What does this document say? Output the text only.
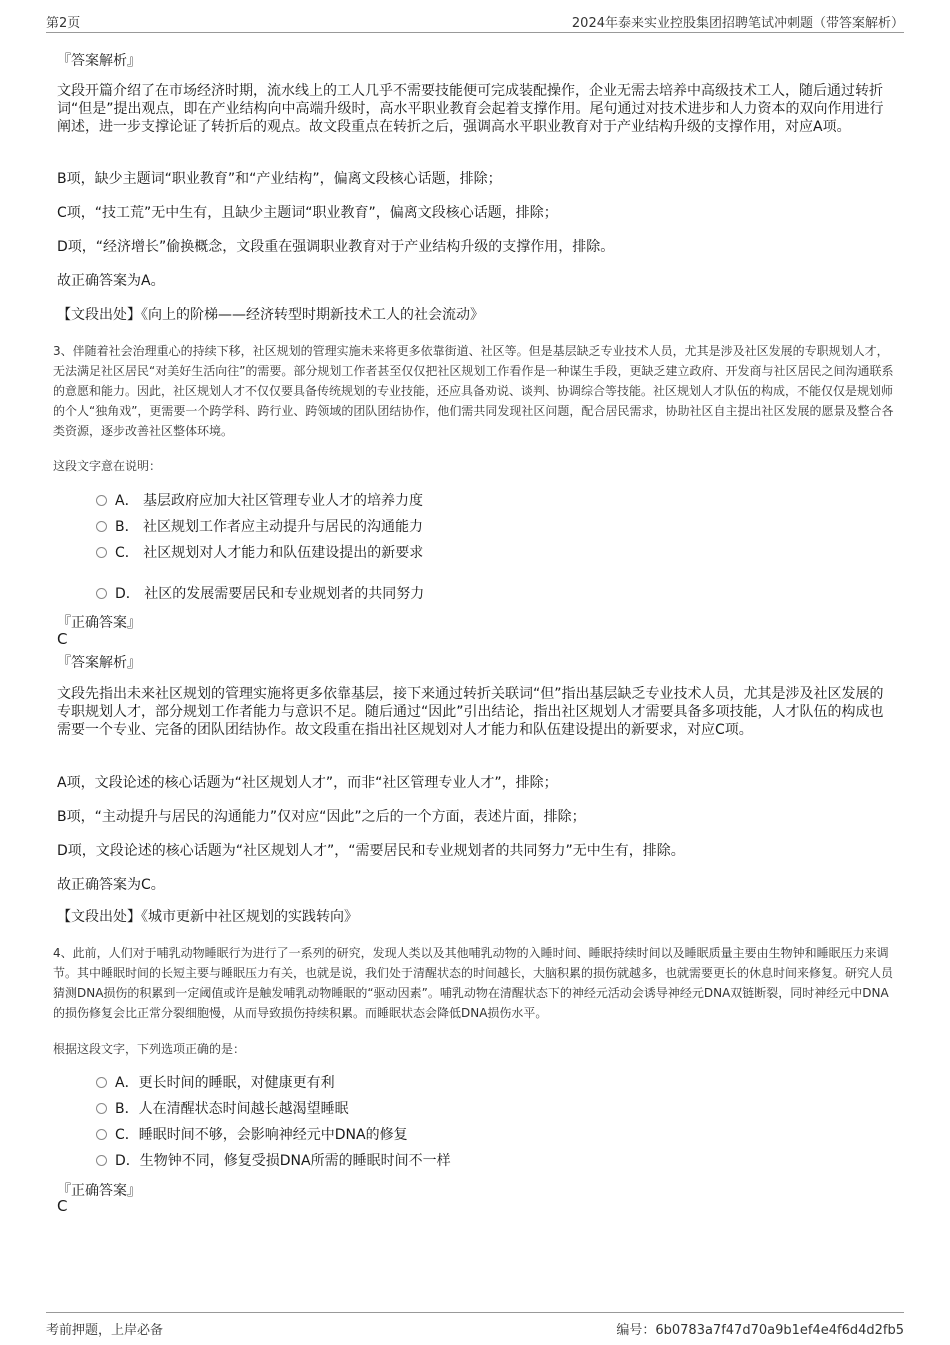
第2页	2024年泰来实业控股集团招聘笔试冲刺题（带答案解析）
『答案解析』
文段开篇介绍了在市场经济时期，流水线上的工人几乎不需要技能便可完成装配操作，企业无需去培养中高级技术工人，随后通过转折词“但是”提出观点，即在产业结构向中高端升级时，高水平职业教育会起着支撑作用。尾句通过对技术进步和人力资本的双向作用进行阐述，进一步支撑论证了转折后的观点。故文段重点在转折之后，强调高水平职业教育对于产业结构升级的支撑作用，对应A项。
B项，缺少主题词“职业教育”和“产业结构”，偏离文段核心话题，排除；
C项，“技工荒”无中生有，且缺少主题词“职业教育”，偏离文段核心话题，排除；
D项，“经济增长”偷换概念，文段重在强调职业教育对于产业结构升级的支撑作用，排除。
故正确答案为A。
【文段出处】《向上的阶梯——经济转型时期新技术工人的社会流动》
3、伴随着社会治理重心的持续下移，社区规划的管理实施未来将更多依靠街道、社区等。但是基层缺乏专业技术人员，尤其是涉及社区发展的专职规划人才，无法满足社区居民“对美好生活向往”的需要。部分规划工作者甚至仅仅把社区规划工作看作是一种谋生手段，更缺乏建立政府、开发商与社区居民之间沟通联系的意愿和能力。因此，社区规划人才不仅仅要具备传统规划的专业技能，还应具备劝说、谈判、协调综合等技能。社区规划人才队伍的构成，不能仅仅是规划师的个人“独角戏”，更需要一个跨学科、跨行业、跨领域的团队团结协作，他们需共同发现社区问题，配合居民需求，协助社区自主提出社区发展的愿景及整合各类资源，逐步改善社区整体环境。
这段文字意在说明：
A． 基层政府应加大社区管理专业人才的培养力度
B． 社区规划工作者应主动提升与居民的沟通能力
C． 社区规划对人才能力和队伍建设提出的新要求
D． 社区的发展需要居民和专业规划者的共同努力
『正确答案』
C
『答案解析』
文段先指出未来社区规划的管理实施将更多依靠基层，接下来通过转折关联词“但”指出基层缺乏专业技术人员，尤其是涉及社区发展的专职规划人才，部分规划工作者能力与意识不足。随后通过“因此”引出结论，指出社区规划人才需要具备多项技能，人才队伍的构成也需要一个专业、完备的团队团结协作。故文段重在指出社区规划对人才能力和队伍建设提出的新要求，对应C项。
A项，文段论述的核心话题为“社区规划人才”，而非“社区管理专业人才”，排除；
B项，“主动提升与居民的沟通能力”仅对应“因此”之后的一个方面，表述片面，排除；
D项，文段论述的核心话题为“社区规划人才”，“需要居民和专业规划者的共同努力”无中生有，排除。
故正确答案为C。
【文段出处】《城市更新中社区规划的实践转向》
4、此前，人们对于哺乳动物睡眠行为进行了一系列的研究，发现人类以及其他哺乳动物的入睡时间、睡眠持续时间以及睡眠质量主要由生物钟和睡眠压力来调节。其中睡眠时间的长短主要与睡眠压力有关，也就是说，我们处于清醒状态的时间越长，大脑积累的损伤就越多，也就需要更长的休息时间来修复。研究人员猜测DNA损伤的积累到一定阈值或许是触发哺乳动物睡眠的“驱动因素”。哺乳动物在清醒状态下的神经元活动会诱导神经元DNA双链断裂，同时神经元中DNA的损伤修复会比正常分裂细胞慢，从而导致损伤持续积累。而睡眠状态会降低DNA损伤水平。
根据这段文字，下列选项正确的是：
A．更长时间的睡眠，对健康更有利
B．人在清醒状态时间越长越渴望睡眠
C．睡眠时间不够，会影响神经元中DNA的修复
D．生物钟不同，修复受损DNA所需的睡眠时间不一样
『正确答案』
C
考前押题，上岸必备	编号：6b0783a7f47d70a9b1ef4e4f6d4d2fb5
